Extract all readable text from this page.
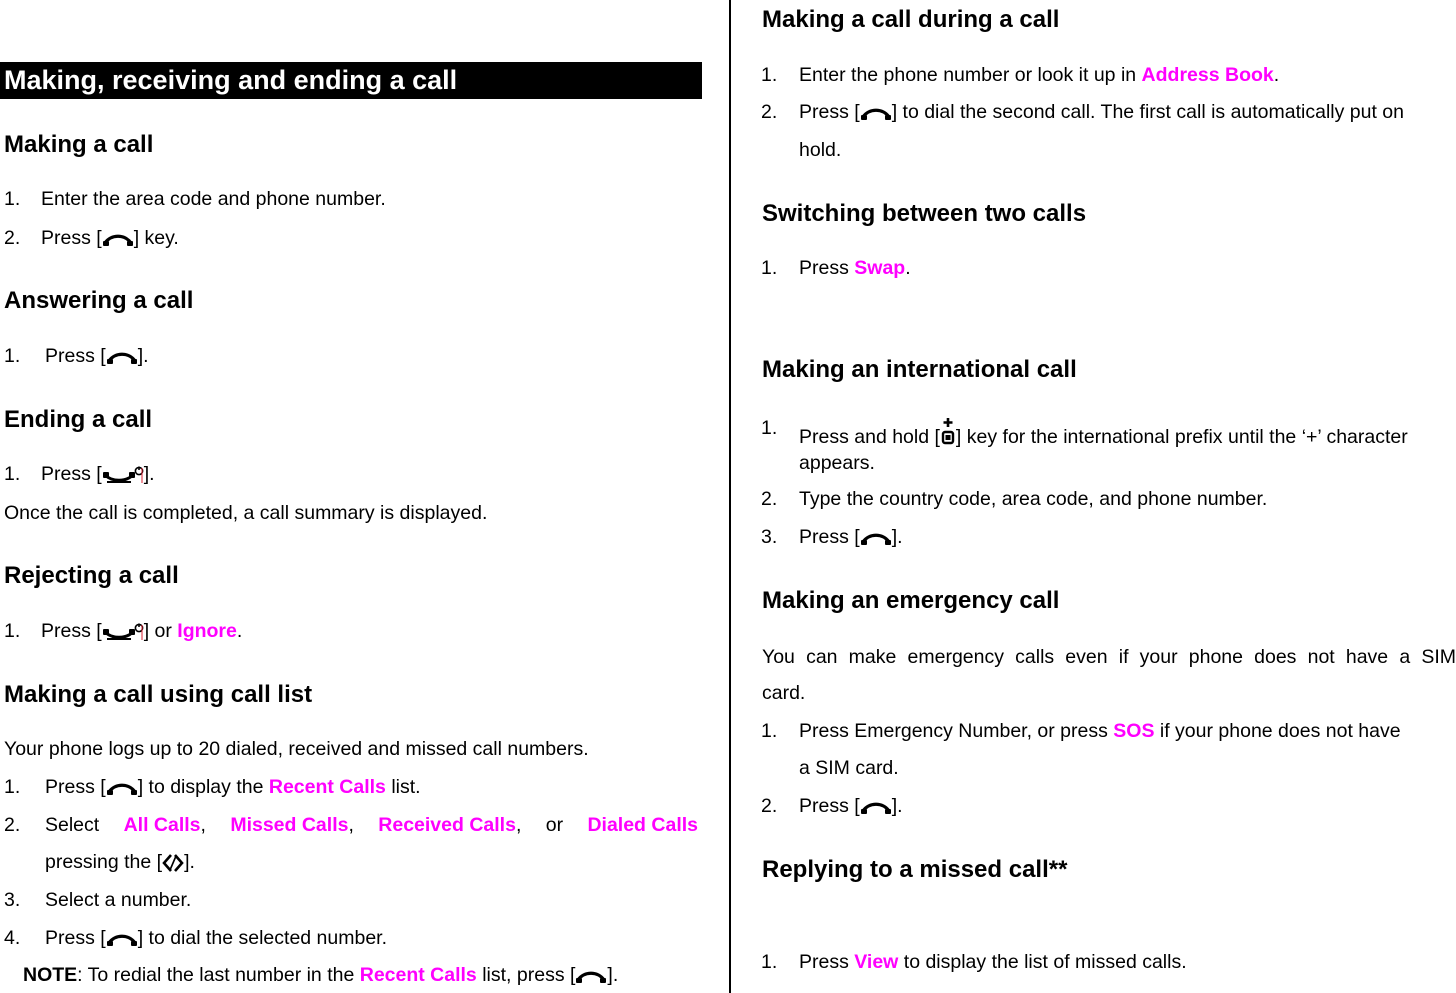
Making, receiving and ending a call
Making a call
1. Enter the area code and phone number.
2. Press [ ] key.
Answering a call
1. Press [ ].
Ending a call
1. Press [ ].
Once the call is completed, a call summary is displayed.
Rejecting a call
1. Press [ ] or Ignore.
Making a call using call list
Your phone logs up to 20 dialed, received and missed call numbers.
1. Press [ ] to display the Recent Calls list.
2. Select All Calls, Missed Calls, Received Calls, or Dialed Calls
pressing the [ ].
3. Select a number.
4. Press [ ] to dial the selected number.
NOTE: To redial the last number in the Recent Calls list, press [ ].
Making a call during a call
1. Enter the phone number or look it up in Address Book.
2. Press [ ] to dial the second call. The first call is automatically put on
hold.
Switching between two calls
1. Press Swap.
Making an international call
1. Press and hold [ ] key for the international prefix until the ‘+’ character
appears.
2. Type the country code, area code, and phone number.
3. Press [ ].
Making an emergency call
You can make emergency calls even if your phone does not have a SIM
card.
1. Press Emergency Number, or press SOS if your phone does not have
a SIM card.
2. Press [ ].
Replying to a missed call**
1. Press View to display the list of missed calls.
